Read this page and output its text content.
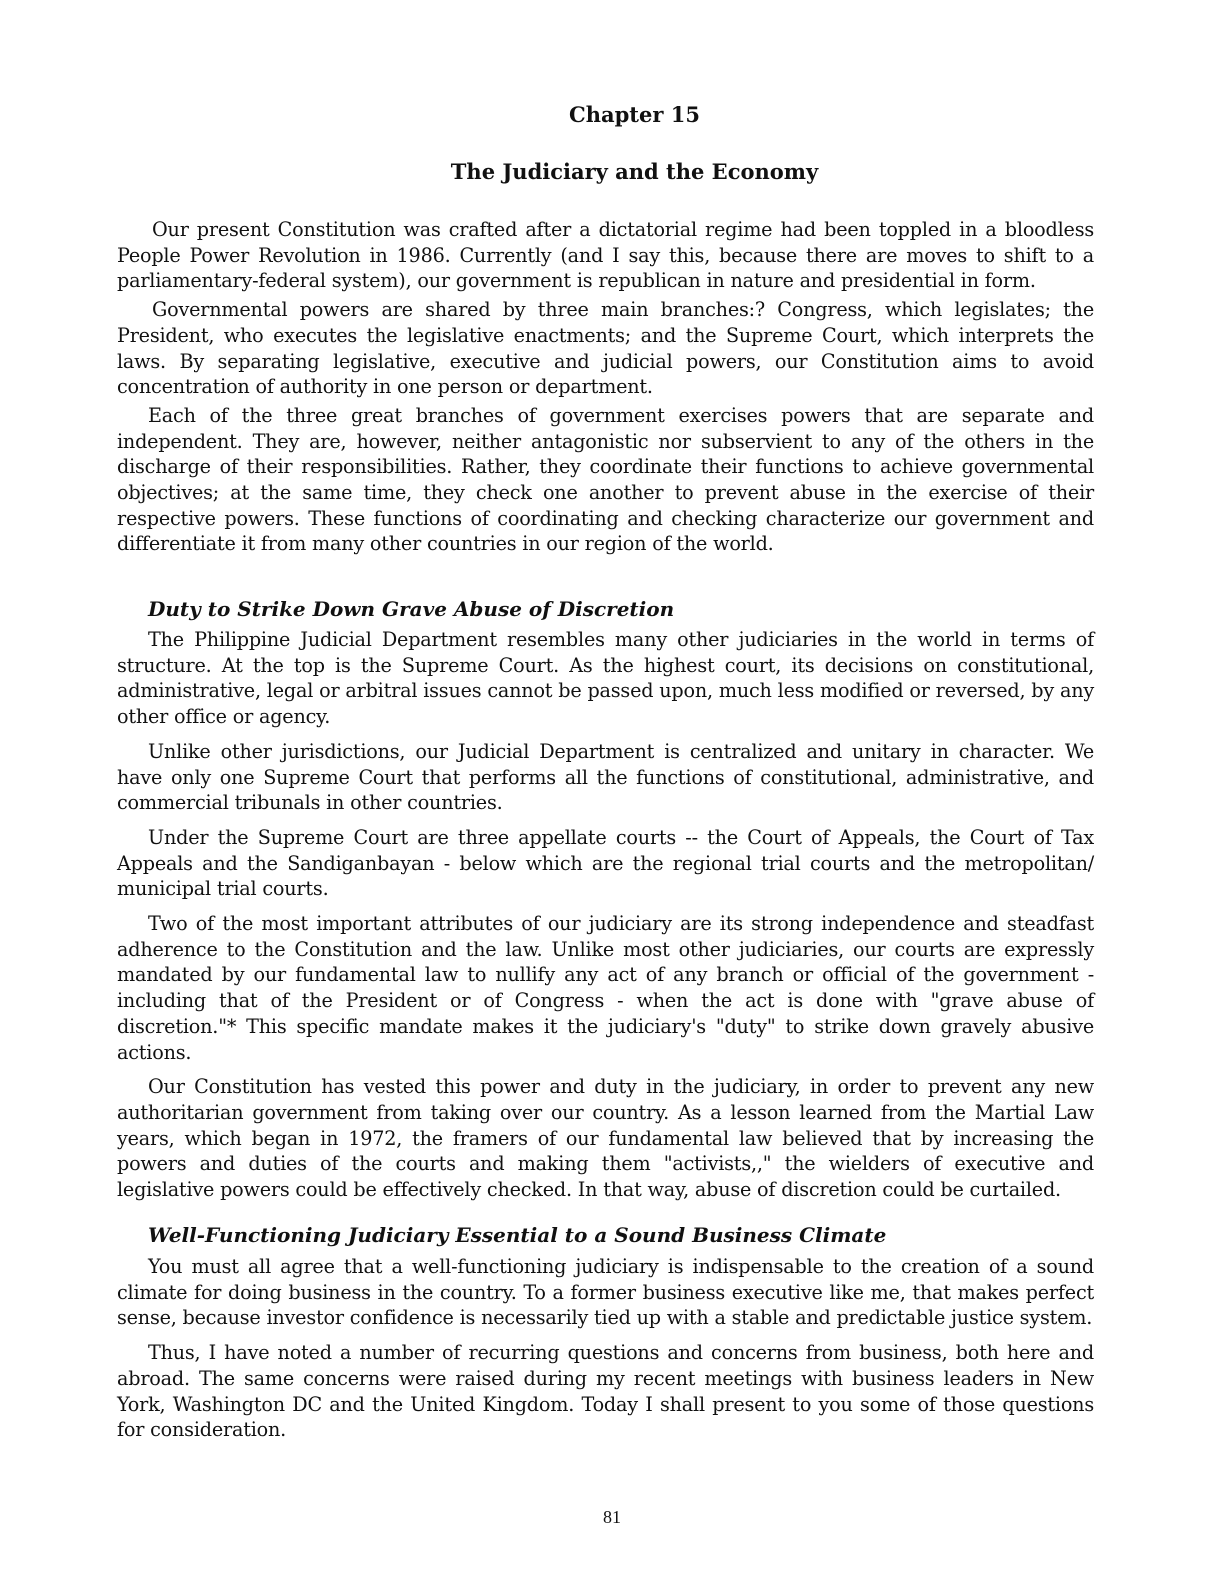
Chapter 15
The Judiciary and the Economy

Our present Constitution was crafted after a dictatorial regime had been toppled in a bloodless People Power Revolution in 1986. Currently (and I say this, because there are moves to shift to a parliamentary-federal system), our government is republican in nature and presidential in form.

Governmental powers are shared by three main branches:? Congress, which legislates; the President, who executes the legislative enactments; and the Supreme Court, which interprets the laws. By separating legislative, executive and judicial powers, our Constitution aims to avoid concentration of authority in one person or department.

Each of the three great branches of government exercises powers that are separate and independent. They are, however, neither antagonistic nor subservient to any of the others in the discharge of their responsibilities. Rather, they coordinate their functions to achieve governmental objectives; at the same time, they check one another to prevent abuse in the exercise of their respective powers. These functions of coordinating and checking characterize our government and differentiate it from many other countries in our region of the world.

Duty to Strike Down Grave Abuse of Discretion

The Philippine Judicial Department resembles many other judiciaries in the world in terms of structure. At the top is the Supreme Court. As the highest court, its decisions on constitutional, administrative, legal or arbitral issues cannot be passed upon, much less modified or reversed, by any other office or agency.

Unlike other jurisdictions, our Judicial Department is centralized and unitary in character. We have only one Supreme Court that performs all the functions of constitutional, administrative, and commercial tribunals in other countries.

Under the Supreme Court are three appellate courts -- the Court of Appeals, the Court of Tax Appeals and the Sandiganbayan - below which are the regional trial courts and the metropolitan/ municipal trial courts.

Two of the most important attributes of our judiciary are its strong independence and steadfast adherence to the Constitution and the law. Unlike most other judiciaries, our courts are expressly mandated by our fundamental law to nullify any act of any branch or official of the government - including that of the President or of Congress - when the act is done with "grave abuse of discretion."* This specific mandate makes it the judiciary's "duty" to strike down gravely abusive actions.

Our Constitution has vested this power and duty in the judiciary, in order to prevent any new authoritarian government from taking over our country. As a lesson learned from the Martial Law years, which began in 1972, the framers of our fundamental law believed that by increasing the powers and duties of the courts and making them "activists,," the wielders of executive and legislative powers could be effectively checked. In that way, abuse of discretion could be curtailed.

Well-Functioning Judiciary Essential to a Sound Business Climate

You must all agree that a well-functioning judiciary is indispensable to the creation of a sound climate for doing business in the country. To a former business executive like me, that makes perfect sense, because investor confidence is necessarily tied up with a stable and predictable justice system.

Thus, I have noted a number of recurring questions and concerns from business, both here and abroad. The same concerns were raised during my recent meetings with business leaders in New York, Washington DC and the United Kingdom. Today I shall present to you some of those questions for consideration.

81
